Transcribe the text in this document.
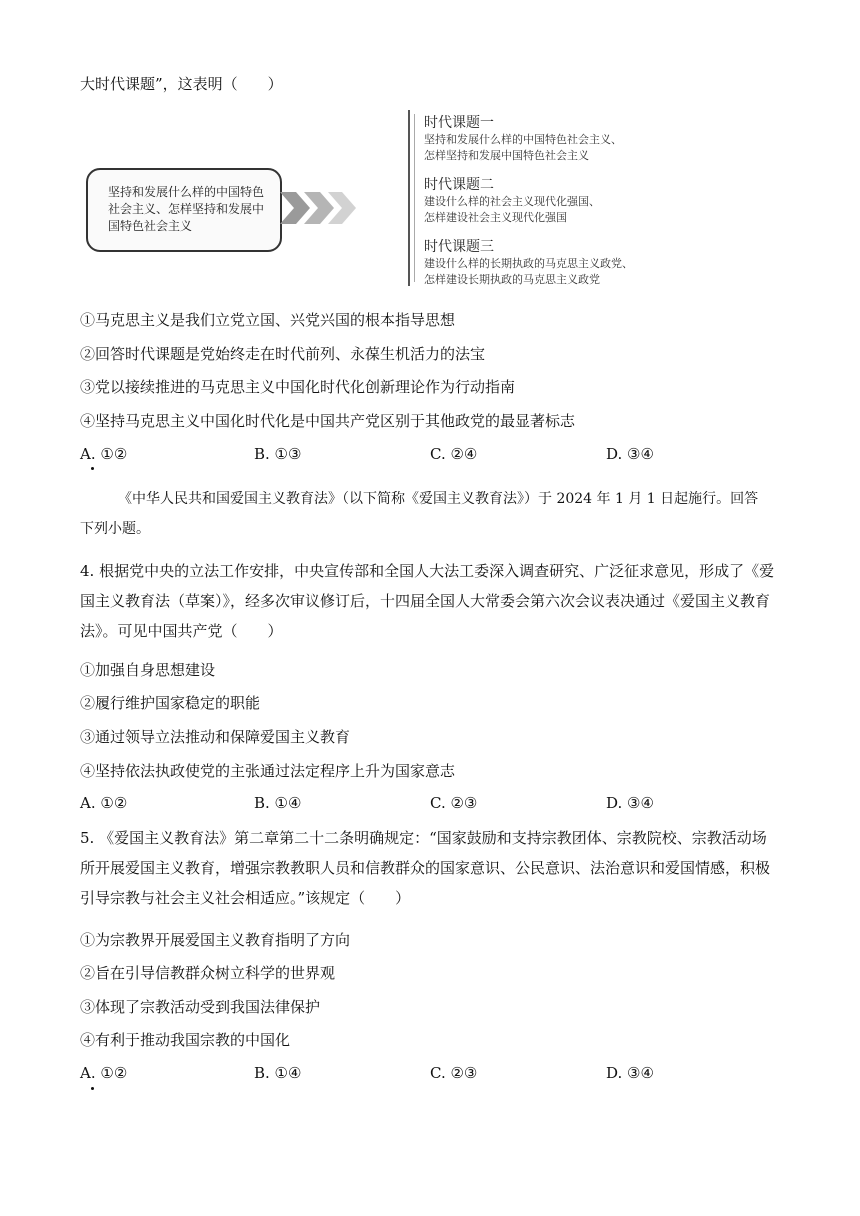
大时代课题”，这表明（　　）
坚持和发展什么样的中国特色社会主义、怎样坚持和发展中国特色社会主义
时代课题一
坚持和发展什么样的中国特色社会主义、
怎样坚持和发展中国特色社会主义
时代课题二
建设什么样的社会主义现代化强国、
怎样建设社会主义现代化强国
时代课题三
建设什么样的长期执政的马克思主义政党、
怎样建设长期执政的马克思主义政党
①马克思主义是我们立党立国、兴党兴国的根本指导思想
②回答时代课题是党始终走在时代前列、永葆生机活力的法宝
③党以接续推进的马克思主义中国化时代化创新理论作为行动指南
④坚持马克思主义中国化时代化是中国共产党区别于其他政党的最显著标志
A. ①②	B. ①③	C. ②④	D. ③④
《中华人民共和国爱国主义教育法》（以下简称《爱国主义教育法》）于 2024 年 1 月 1 日起施行。回答
下列小题。
4. 根据党中央的立法工作安排，中央宣传部和全国人大法工委深入调查研究、广泛征求意见，形成了《爱
国主义教育法（草案）》，经多次审议修订后，十四届全国人大常委会第六次会议表决通过《爱国主义教育
法》。可见中国共产党（　　）
①加强自身思想建设
②履行维护国家稳定的职能
③通过领导立法推动和保障爱国主义教育
④坚持依法执政使党的主张通过法定程序上升为国家意志
A. ①②	B. ①④	C. ②③	D. ③④
5. 《爱国主义教育法》第二章第二十二条明确规定：“国家鼓励和支持宗教团体、宗教院校、宗教活动场
所开展爱国主义教育，增强宗教教职人员和信教群众的国家意识、公民意识、法治意识和爱国情感，积极
引导宗教与社会主义社会相适应。”该规定（　　）
①为宗教界开展爱国主义教育指明了方向
②旨在引导信教群众树立科学的世界观
③体现了宗教活动受到我国法律保护
④有利于推动我国宗教的中国化
A. ①②	B. ①④	C. ②③	D. ③④
